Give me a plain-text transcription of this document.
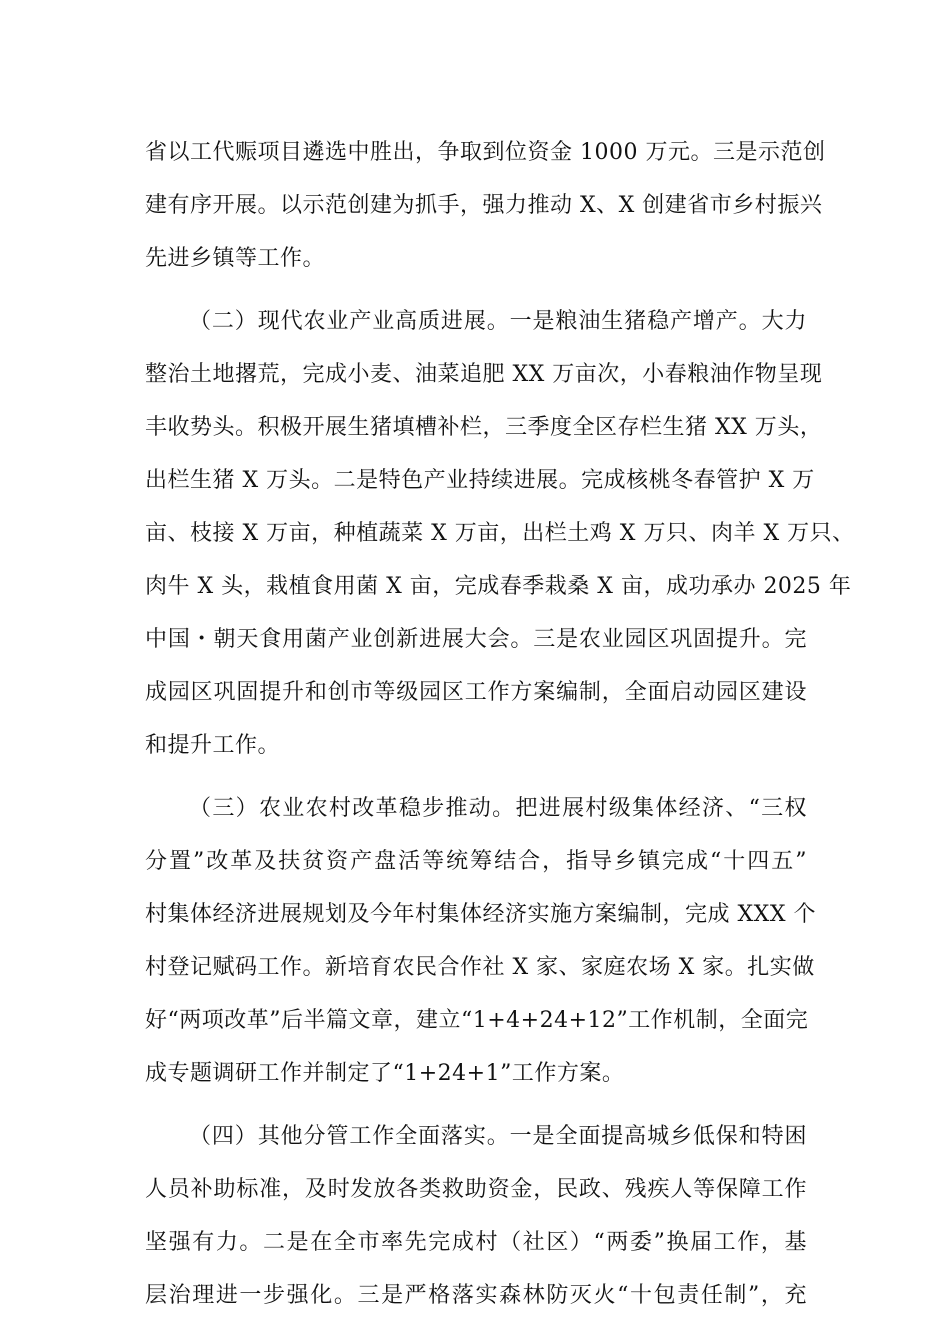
省以工代赈项目遴选中胜出，争取到位资金 1000 万元。三是示范创
建有序开展。以示范创建为抓手，强力推动 X、X 创建省市乡村振兴
先进乡镇等工作。
（二）现代农业产业高质进展。一是粮油生猪稳产增产。大力
整治土地撂荒，完成小麦、油菜追肥 XX 万亩次，小春粮油作物呈现
丰收势头。积极开展生猪填槽补栏，三季度全区存栏生猪 XX 万头，
出栏生猪 X 万头。二是特色产业持续进展。完成核桃冬春管护 X 万
亩、枝接 X 万亩，种植蔬菜 X 万亩，出栏土鸡 X 万只、肉羊 X 万只、
肉牛 X 头，栽植食用菌 X 亩，完成春季栽桑 X 亩，成功承办 2025 年
中国・朝天食用菌产业创新进展大会。三是农业园区巩固提升。完
成园区巩固提升和创市等级园区工作方案编制，全面启动园区建设
和提升工作。
（三）农业农村改革稳步推动。把进展村级集体经济、“三权
分置”改革及扶贫资产盘活等统筹结合，指导乡镇完成“十四五”
村集体经济进展规划及今年村集体经济实施方案编制，完成 XXX 个
村登记赋码工作。新培育农民合作社 X 家、家庭农场 X 家。扎实做
好“两项改革”后半篇文章，建立“1+4+24+12”工作机制，全面完
成专题调研工作并制定了“1+24+1”工作方案。
（四）其他分管工作全面落实。一是全面提高城乡低保和特困
人员补助标准，及时发放各类救助资金，民政、残疾人等保障工作
坚强有力。二是在全市率先完成村（社区）“两委”换届工作，基
层治理进一步强化。三是严格落实森林防灭火“十包责任制”，充
